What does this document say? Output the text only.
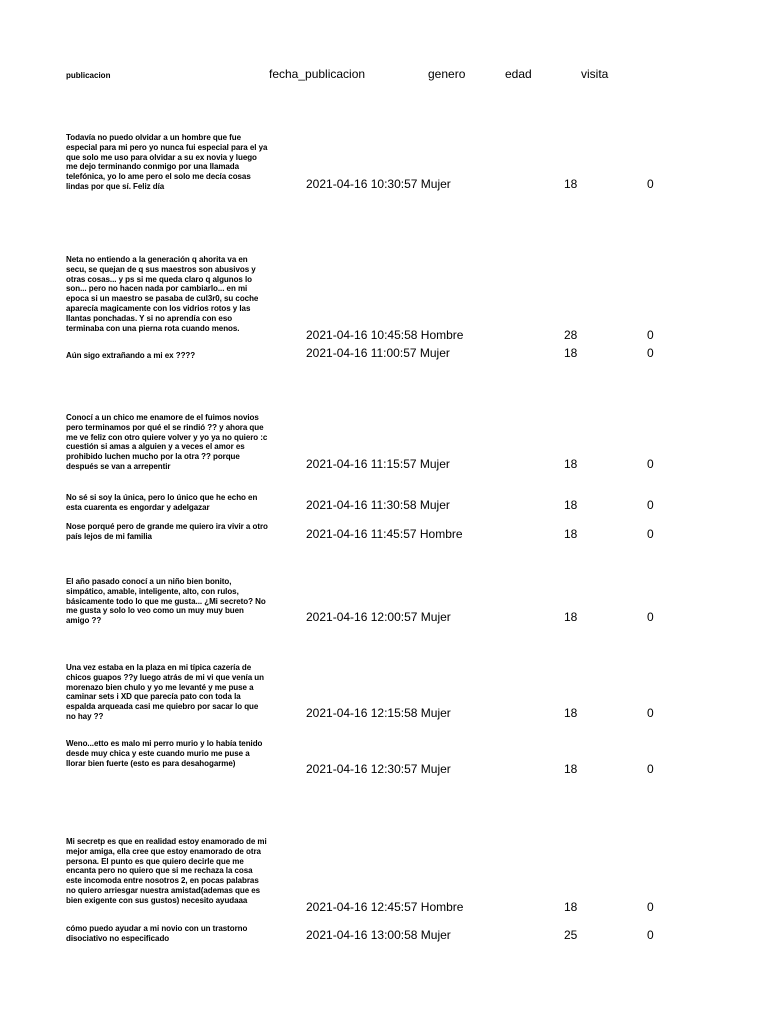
publicacion	fecha_publicacion	genero	edad	visita
Todavía no puedo olvidar a un hombre que fue especial para mi pero yo nunca fui especial para el ya que solo me uso para olvidar a su ex novia y luego me dejo terminando conmigo por una llamada telefónica, yo lo ame pero el solo me decía cosas lindas por que sí. Feliz día	2021-04-16 10:30:57 Mujer	18	0
Neta no entiendo a la generación q ahorita va en secu, se quejan de q sus maestros son abusivos y otras cosas... y ps si me queda claro q algunos lo son... pero no hacen nada por cambiarlo... en mi epoca si un maestro se pasaba de cul3r0, su coche aparecía magicamente con los vidrios rotos y las llantas ponchadas. Y si no aprendía con eso terminaba con una pierna rota cuando menos.	2021-04-16 10:45:58 Hombre	28	0
Aún sigo extrañando a mi ex ????	2021-04-16 11:00:57 Mujer	18	0
Conocí a un chico me enamore de el fuimos novios pero terminamos por qué el se rindió ?? y ahora que me ve feliz con otro quiere volver y yo ya no quiero :c cuestión si amas a alguien y a veces el amor es prohibido luchen mucho por la otra ?? porque después se van a arrepentir	2021-04-16 11:15:57 Mujer	18	0
No sé si soy la única, pero lo único que he echo en esta cuarenta es engordar y adelgazar	2021-04-16 11:30:58 Mujer	18	0
Nose porqué pero de grande me quiero ira vivir a otro país lejos de mi familia	2021-04-16 11:45:57 Hombre	18	0
El año pasado conocí a un niño bien bonito, simpático, amable, inteligente, alto, con rulos, básicamente todo lo que me gusta... ¿Mi secreto? No me gusta y solo lo veo como un muy muy buen amigo ??	2021-04-16 12:00:57 Mujer	18	0
Una vez estaba en la plaza en mi típica cazería de chicos guapos ??y luego atrás de mi vi que venía un morenazo bien chulo y yo me levanté y me puse a caminar sets i XD que parecía pato con toda la espalda arqueada casi me quiebro por sacar lo que no hay ??	2021-04-16 12:15:58 Mujer	18	0
Weno...etto es malo mi perro murio y lo había tenido desde muy chica y este cuando murio me puse a llorar bien fuerte (esto es para desahogarme)	2021-04-16 12:30:57 Mujer	18	0
Mi secretp es que en realidad estoy enamorado de mi mejor amiga, ella cree que estoy enamorado de otra persona. El punto es que quiero decirle que me encanta pero no quiero que si me rechaza la cosa este incomoda entre nosotros 2, en pocas palabras no quiero arriesgar nuestra amistad(ademas que es bien exigente con sus gustos) necesito ayudaaa	2021-04-16 12:45:57 Hombre	18	0
cómo puedo ayudar a mi novio con un trastorno disociativo no especificado	2021-04-16 13:00:58 Mujer	25	0
